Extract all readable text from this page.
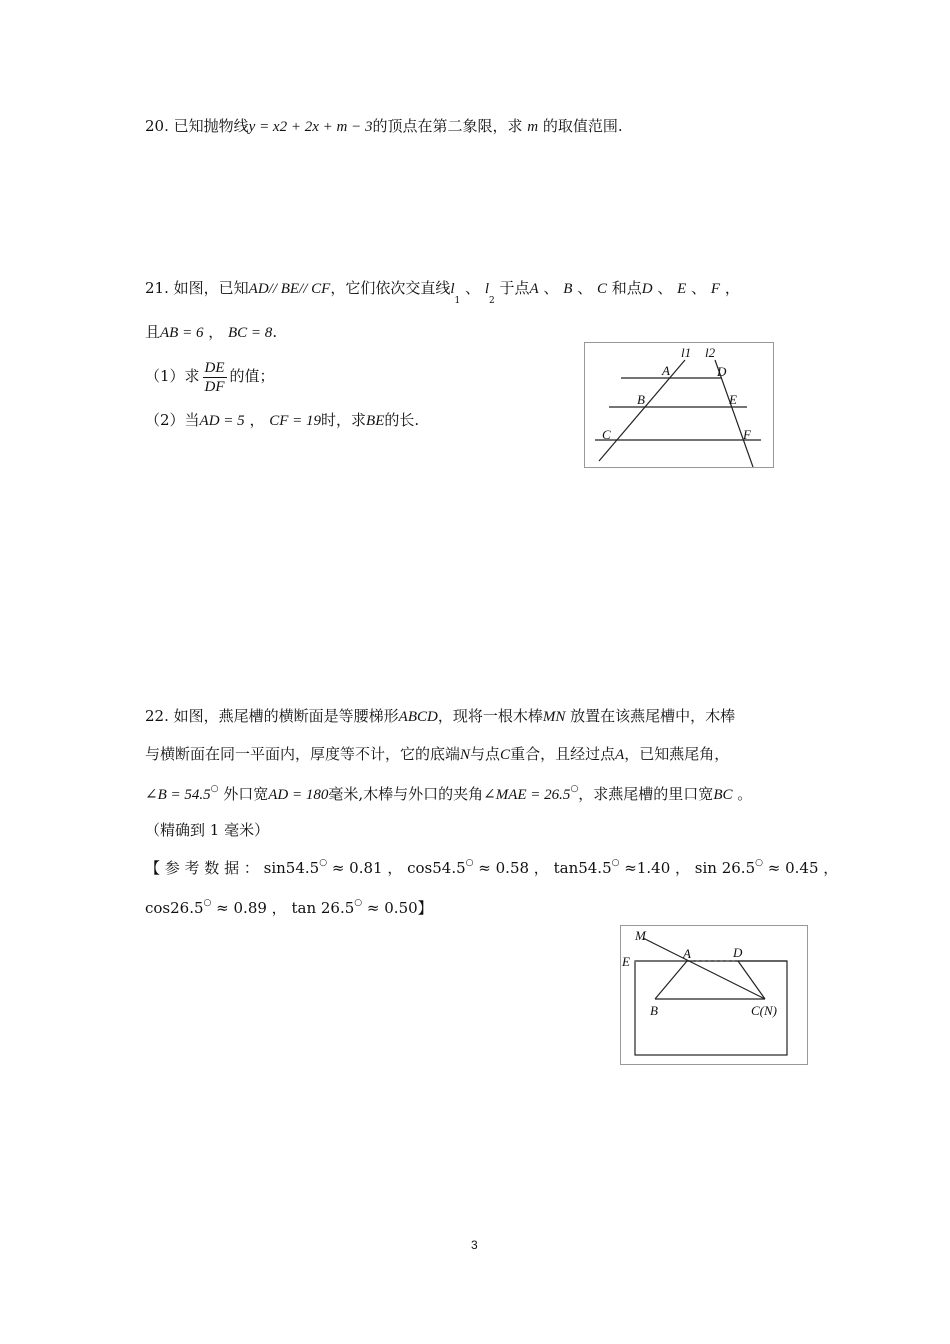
20. 已知抛物线y = x2 + 2x + m − 3的顶点在第二象限，求 m 的取值范围.
21. 如图，已知AD// BE// CF，它们依次交直线$l_1$ 、 $l_2$ 于点A 、 B 、 C 和点D 、 E 、 F ，
且AB = 6 ， BC = 8.
（1）求 $\frac{DE}{DF}$ 的值；
（2）当AD = 5 ， CF = 19时，求BE的长.
l1 l2
A	D
B	E
C	F
22. 如图，燕尾槽的横断面是等腰梯形ABCD，现将一根木棒MN 放置在该燕尾槽中，木棒
与横断面在同一平面内，厚度等不计，它的底端N与点C重合，且经过点A，已知燕尾角，
∠B = 54.5○ 外口宽AD = 180毫米,木棒与外口的夹角∠MAE = 26.5○，求燕尾槽的里口宽BC 。
（精确到 1 毫米）
【 参 考 数 据 ： sin54.5○ ≈ 0.81 ， cos54.5○ ≈ 0.58 ， tan54.5○ ≈1.40 ， sin 26.5○ ≈ 0.45 ，
cos26.5○ ≈ 0.89 ， tan 26.5○ ≈ 0.50】
M
A	D
E
B	C(N)
3
